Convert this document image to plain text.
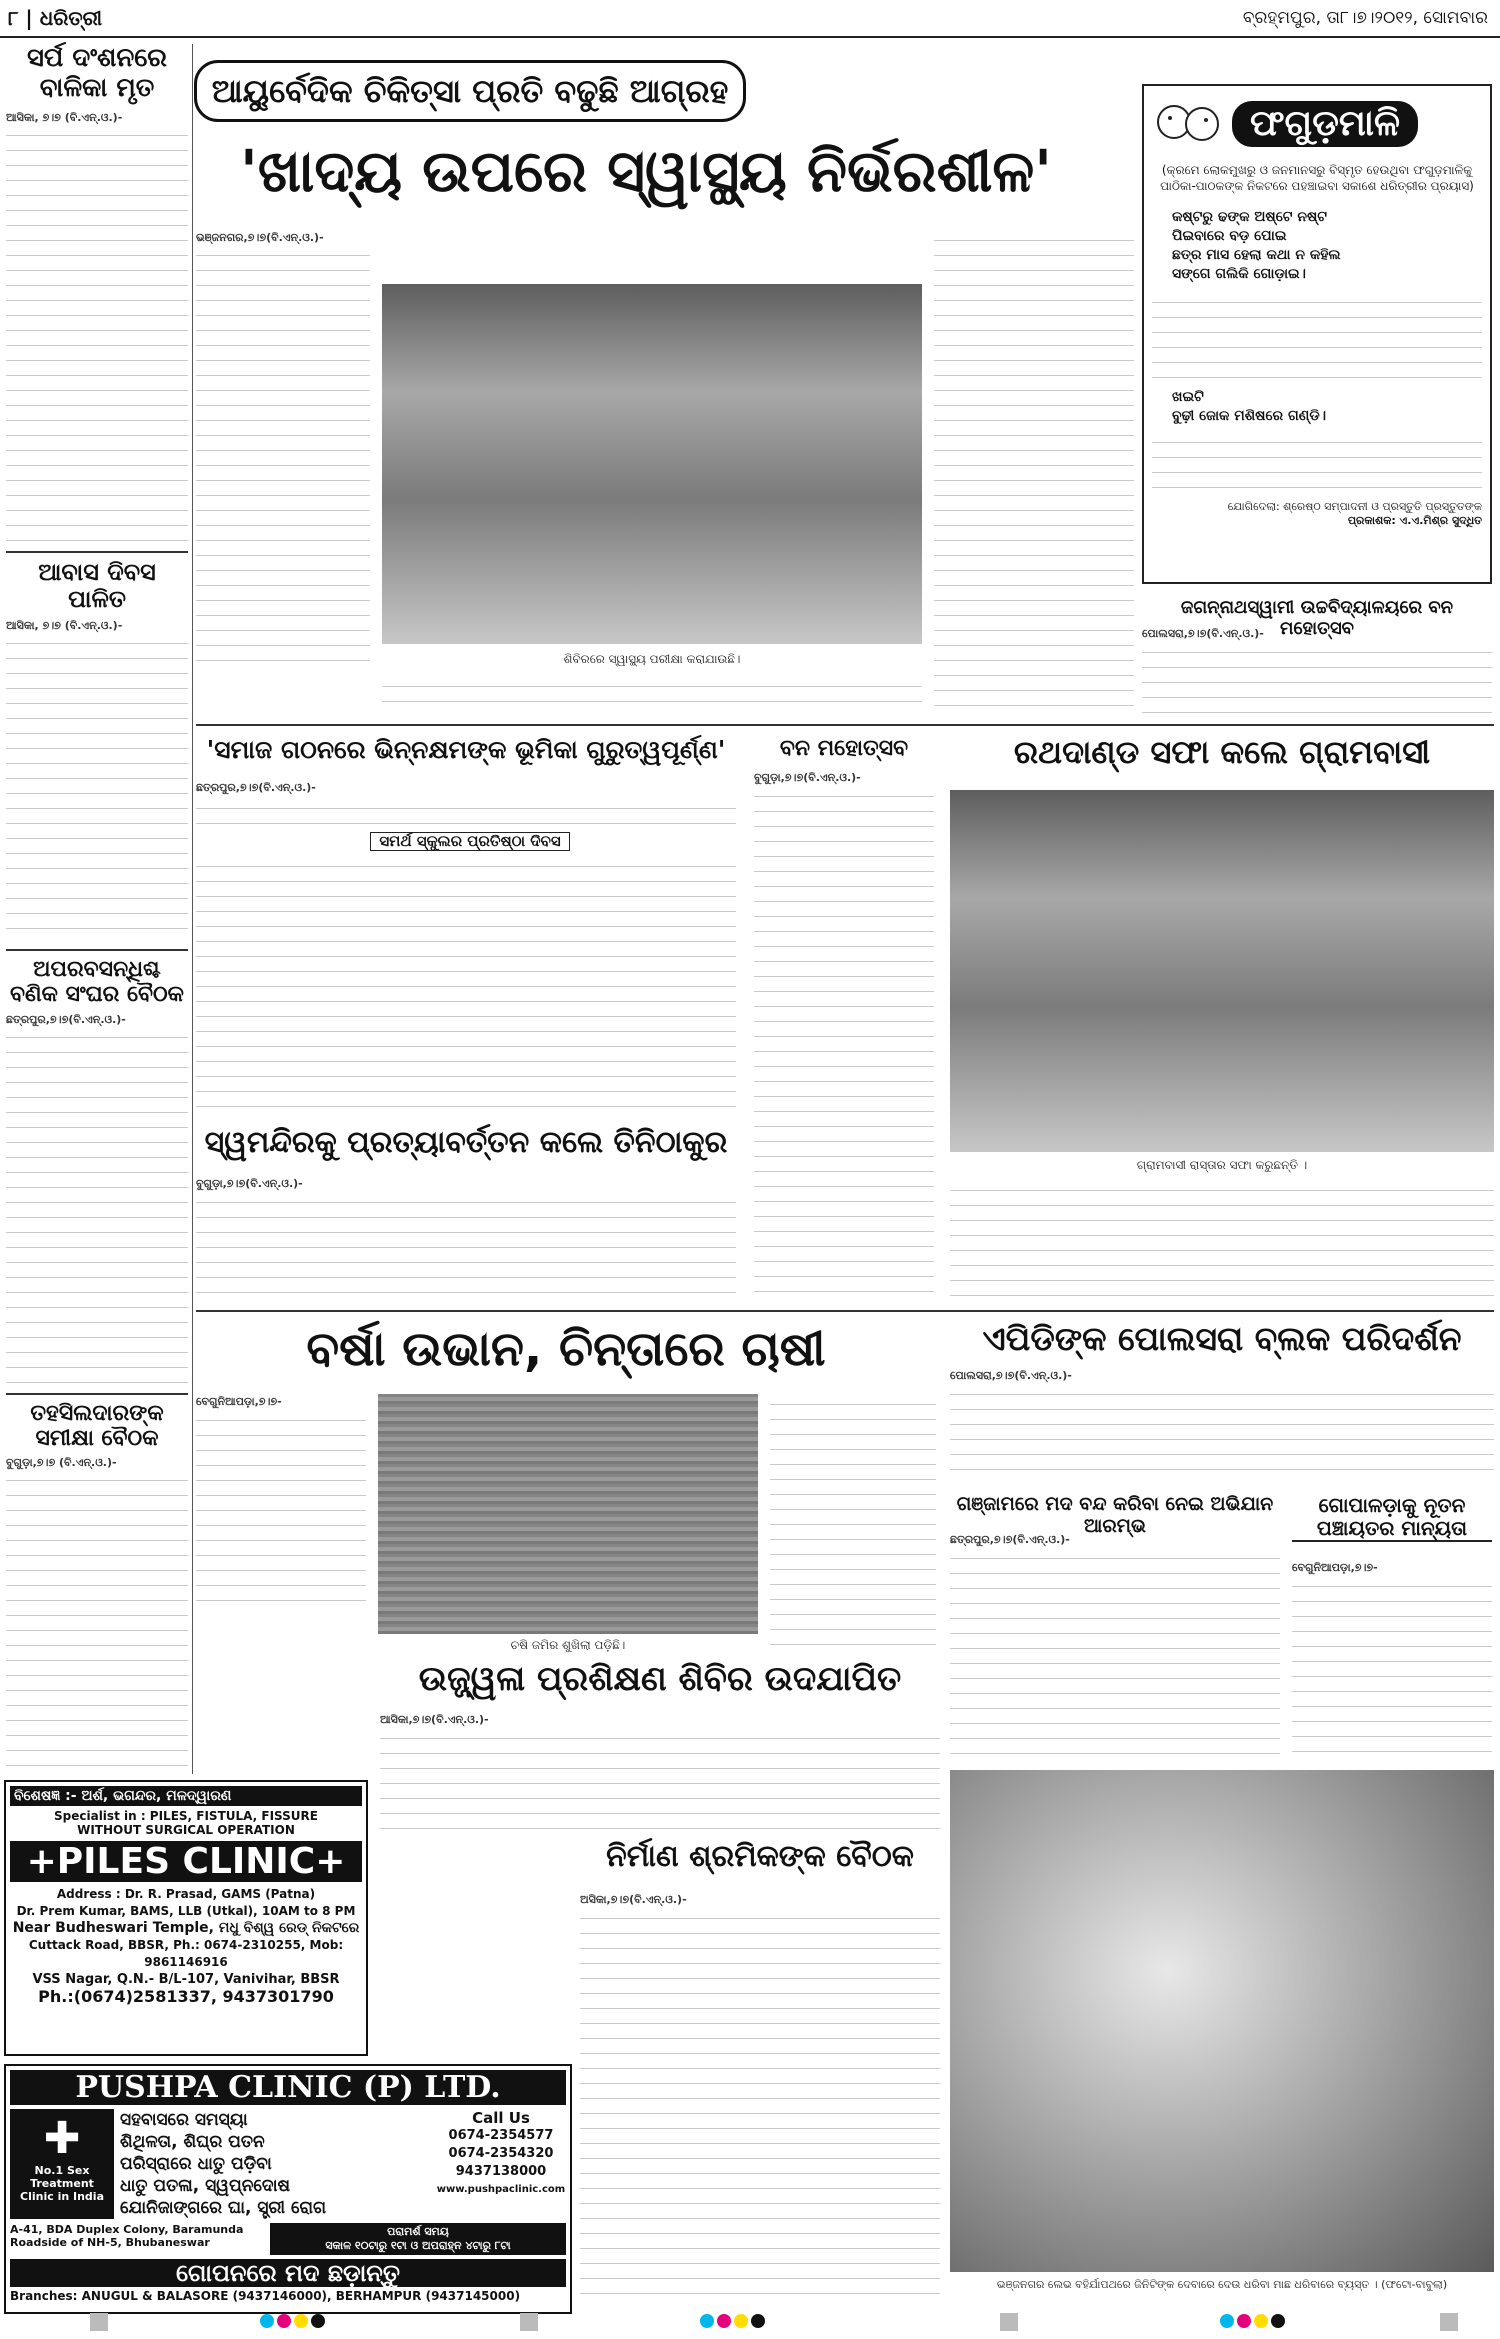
୮ | ଧରିତ୍ରୀ	ବ୍ରହ୍ମପୁର, ତା୮।୭।୨୦୧୨, ସୋମବାର
ସର୍ପ ଦଂଶନରେ ବାଳିକା ମୃତ
ଆସିକା, ୭।୭ (ବି.ଏନ୍.ଓ.)-
ଆବାସ ଦିବସ ପାଳିତ
ଆସିକା, ୭।୭ (ବି.ଏନ୍.ଓ.)-
ଅପରବସନ୍ଧିଶ୍ଚ ବଣିକ ସଂଘର ବୈଠକ
ଛତ୍ରପୁର,୭।୭(ବି.ଏନ୍.ଓ.)-
ତହସିଲଦାରଙ୍କ ସମୀକ୍ଷା ବୈଠକ
ବୁଗୁଡ଼ା,୭।୭ (ବି.ଏନ୍.ଓ.)-
ଆୟୁର୍ବେଦିକ ଚିକିତ୍ସା ପ୍ରତି ବଢୁଛି ଆଗ୍ରହ
'ଖାଦ୍ୟ ଉପରେ ସ୍ୱାସ୍ଥ୍ୟ ନିର୍ଭରଶୀଳ'
ଭଞ୍ଜନଗର,୭।୭(ବି.ଏନ୍.ଓ.)-
ଶିବିରରେ ସ୍ୱାସ୍ଥ୍ୟ ପରୀକ୍ଷା କରାଯାଉଛି।
ଫଗୁଡ଼ମାଳି
(କ୍ରମେ ଲୋକମୁଖରୁ ଓ ଜନମାନସରୁ ବିସ୍ମୃତ ହେଉଥିବା ଫଗୁଡ଼ମାଳିକୁ ପାଠିକା-ପାଠକଙ୍କ ନିକଟରେ ପହଞ୍ଚାଇବା ସକାଶେ ଧରିତ୍ରୀର ପ୍ରୟାସ)
କଷ୍ଟରୁ ଢଙ୍କ ଅଷ୍ଟେ ନଷ୍ଟ
ପିଇବାରେ ବଡ଼ ପୋଇ
ଛତ୍ର ମାସ ହେଲା କଥା ନ କହିଲ
ସଙ୍ଗେ ଗଲିକି ଗୋଡ଼ାଇ।
ଖଇଟି
ବୁଢ଼ୀ ଜୋକ ମଶିଷରେ ଗଣ୍ଡି।
ଯୋଗିଦେଲା: ଶ୍ରେଷ୍ଠ ସମ୍ପାଦନୀ ଓ ପ୍ରସ୍ତୁତି ପ୍ରସ୍ତୁତଙ୍କ
ପ୍ରକାଶକ: ଏ.ଏ.ମିଶ୍ର ସୁଦ୍ଧିତ
ଜଗନ୍ନାଥସ୍ୱାମୀ ଉଚ୍ଚବିଦ୍ୟାଳୟରେ ବନ ମହୋତ୍ସବ
ପୋଲସରା,୭।୭(ବି.ଏନ୍.ଓ.)-
'ସମାଜ ଗଠନରେ ଭିନ୍ନକ୍ଷମଙ୍କ ଭୂମିକା ଗୁରୁତ୍ୱପୂର୍ଣ୍ଣ'
ଛତ୍ରପୁର,୭।୭(ବି.ଏନ୍.ଓ.)-
ସମର୍ଥ ସ୍କୁଲର ପ୍ରତିଷ୍ଠା ଦିବସ
ବନ ମହୋତ୍ସବ
ବୁଗୁଡ଼ା,୭।୭(ବି.ଏନ୍.ଓ.)-
ରଥଦାଣ୍ଡ ସଫା କଲେ ଗ୍ରାମବାସୀ
ଗ୍ରାମବାସୀ ରାସ୍ତାର ସଫା କରୁଛନ୍ତି ।
ସ୍ୱମନ୍ଦିରକୁ ପ୍ରତ୍ୟାବର୍ତ୍ତନ କଲେ ତିନିଠାକୁର
ବୁଗୁଡ଼ା,୭।୭(ବି.ଏନ୍.ଓ.)-
ବର୍ଷା ଉଭାନ, ଚିନ୍ତାରେ ଚାଷୀ
ବେଗୁନିଆପଡ଼ା,୭।୭-
ଚଷି ଜମିର ଶୁଖିଲା ପଡ଼ିଛି।
ଏପିଡିଙ୍କ ପୋଲସରା ବ୍ଲକ ପରିଦର୍ଶନ
ପୋଲସରା,୭।୭(ବି.ଏନ୍.ଓ.)-
ଗଞ୍ଜାମରେ ମଦ ବନ୍ଦ କରିବା ନେଇ ଅଭିଯାନ ଆରମ୍ଭ
ଛତ୍ରପୁର,୭।୭(ବି.ଏନ୍.ଓ.)-
ଗୋପାଳଡ଼ାକୁ ନୂତନ ପଞ୍ଚାୟତର ମାନ୍ୟତା
ବେଗୁନିଆପଡ଼ା,୭।୭-
ଉଜ୍ଜ୍ୱଳା ପ୍ରଶିକ୍ଷଣ ଶିବିର ଉଦଯାପିତ
ଆସିକା,୭।୭(ବି.ଏନ୍.ଓ.)-
ବିଶେଷଜ୍ଞ :- ଅର୍ଶ, ଭଗନ୍ଦର, ମଳଦ୍ୱାରଣ
Specialist in : PILES, FISTULA, FISSURE
WITHOUT SURGICAL OPERATION
+PILES CLINIC+
Address : Dr. R. Prasad, GAMS (Patna)
Dr. Prem Kumar, BAMS, LLB (Utkal), 10AM to 8 PM
Near Budheswari Temple, ମଧୁ ବିଶ୍ୱ ରେଡ୍ ନିକଟରେ
Cuttack Road, BBSR, Ph.: 0674-2310255, Mob: 9861146916
VSS Nagar, Q.N.- B/L-107, Vanivihar, BBSR
Ph.:(0674)2581337, 9437301790
PUSHPA CLINIC (P) LTD.
✚
No.1 Sex Treatment Clinic in India
ସହବାସରେ ସମସ୍ୟା
ଶିଥିଳତା, ଶିଘ୍ର ପତନ
ପରିସ୍ରାରେ ଧାତୁ ପଡ଼ିବା
ଧାତୁ ପତଳା, ସ୍ୱପ୍ନଦୋଷ
ଯୋନିଜାଙ୍ଗରେ ଘା, ସ୍ତ୍ରୀ ରୋଗ
Call Us
0674-2354577
0674-2354320
9437138000
www.pushpaclinic.com
A-41, BDA Duplex Colony, Baramunda Roadside of NH-5, Bhubaneswar
ପରାମର୍ଶ ସମୟ
ସକାଳ ୧୦ଟାରୁ ୧ଟା ଓ ଅପରାହ୍ନ ୪ଟାରୁ ୮ଟା
ଗୋପନରେ ମଦ ଛଡ଼ାନ୍ତୁ
Branches: ANUGUL & BALASORE (9437146000), BERHAMPUR (9437145000)
ନିର୍ମାଣ ଶ୍ରମିକଙ୍କ ବୈଠକ
ଅସିକା,୭।୭(ବି.ଏନ୍.ଓ.)-
ଭଞ୍ଜନଗର ଲେଭ ବହିର୍ଯାପଥରେ ଜିନିଟିଙ୍କ ଦେବାରେ ଦେଉ ଧରିବା ମାଛ ଧରିବାରେ ବ୍ୟସ୍ତ । (ଫଟୋ-ବାବୁଲା)
